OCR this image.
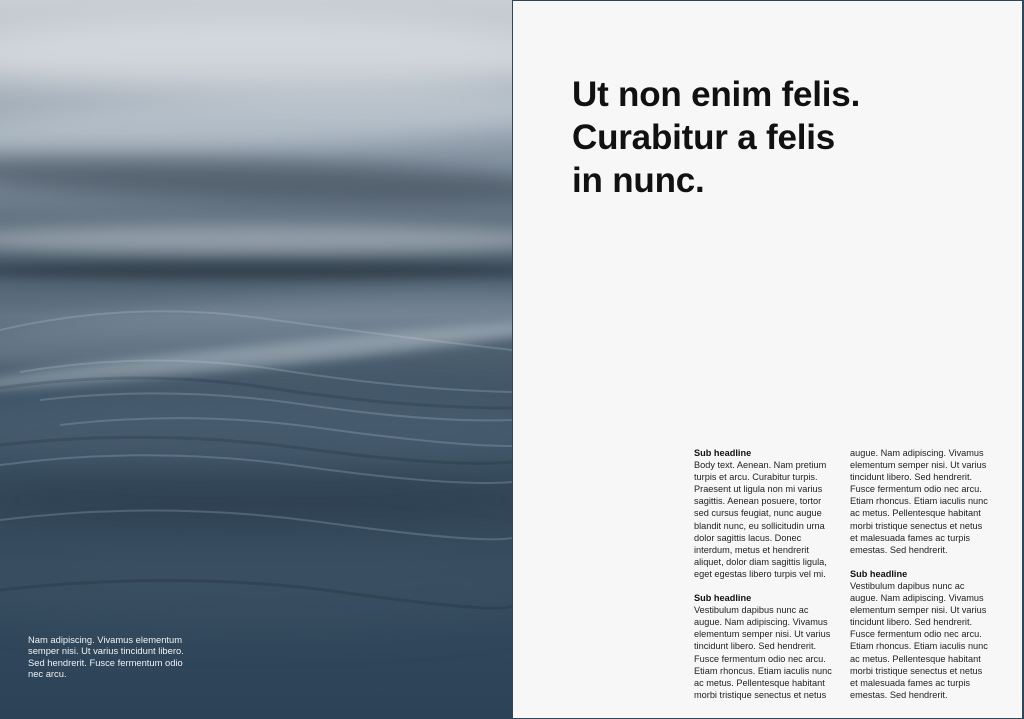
Nam adipiscing. Vivamus elementum semper nisi. Ut varius tincidunt libero. Sed hendrerit. Fusce fermentum odio nec arcu.

Ut non enim felis.
Curabitur a felis
in nunc.

Sub headline

Body text. Aenean. Nam pretium turpis et arcu. Curabitur turpis. Praesent ut ligula non mi varius sagittis. Aenean posuere, tortor sed cursus feugiat, nunc augue blandit nunc, eu sollicitudin urna dolor sagittis lacus. Donec interdum, metus et hendrerit aliquet, dolor diam sagittis ligula, eget egestas libero turpis vel mi.

Sub headline

Vestibulum dapibus nunc ac augue. Nam adipiscing. Vivamus elementum semper nisi. Ut varius tincidunt libero. Sed hendrerit. Fusce fermentum odio nec arcu. Etiam rhoncus. Etiam iaculis nunc ac metus. Pellentesque habitant morbi tristique senectus et netus

augue. Nam adipiscing. Vivamus elementum semper nisi. Ut varius tincidunt libero. Sed hendrerit. Fusce fermentum odio nec arcu. Etiam rhoncus. Etiam iaculis nunc ac metus. Pellentesque habitant morbi tristique senectus et netus et malesuada fames ac turpis emestas. Sed hendrerit.

Sub headline

Vestibulum dapibus nunc ac augue. Nam adipiscing. Vivamus elementum semper nisi. Ut varius tincidunt libero. Sed hendrerit. Fusce fermentum odio nec arcu. Etiam rhoncus. Etiam iaculis nunc ac metus. Pellentesque habitant morbi tristique senectus et netus et malesuada fames ac turpis emestas. Sed hendrerit.
